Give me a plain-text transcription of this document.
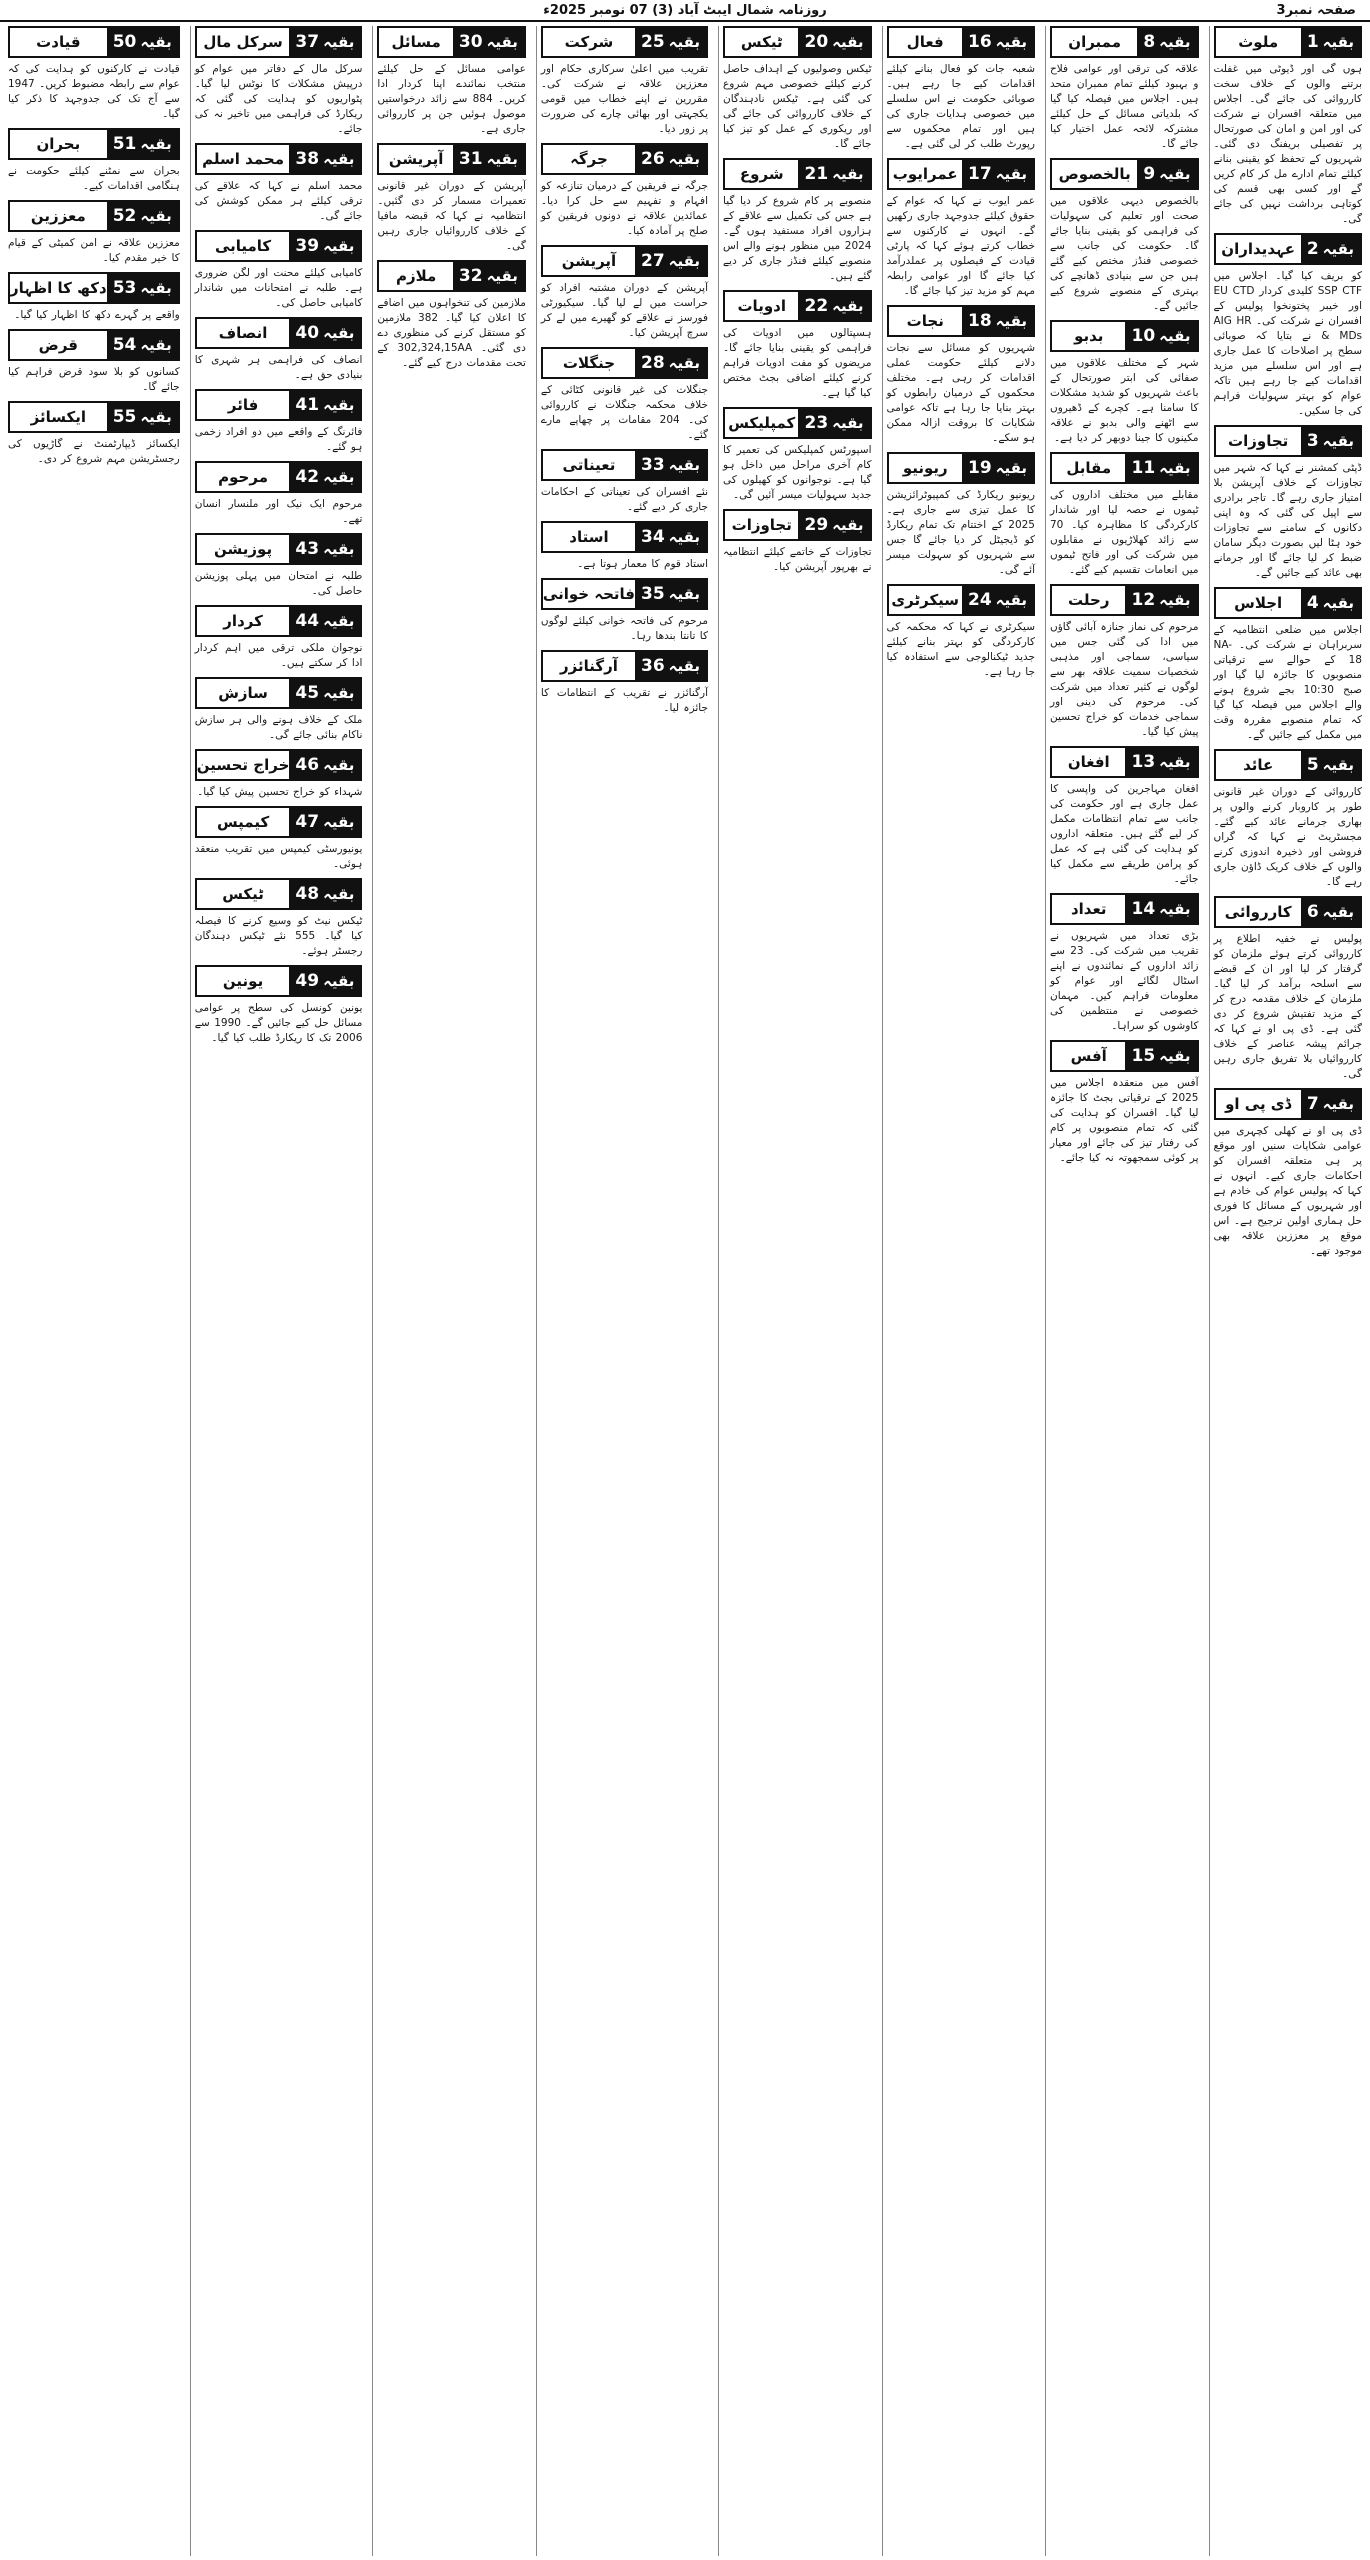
صفحہ نمبر3
روزنامہ شمال ایبٹ آباد (3) 07 نومبر 2025ء
بقیہ
1
ملوث
ہوں گی اور ڈیوٹی میں غفلت برتنے والوں کے خلاف سخت کارروائی کی جائے گی۔ اجلاس میں متعلقہ افسران نے شرکت کی اور امن و امان کی صورتحال پر تفصیلی بریفنگ دی گئی۔ شہریوں کے تحفظ کو یقینی بنانے کیلئے تمام ادارے مل کر کام کریں گے اور کسی بھی قسم کی کوتاہی برداشت نہیں کی جائے گی۔
بقیہ
2
عہدیداران
کو بریف کیا گیا۔ اجلاس میں SSP CTF کلیدی کردار EU CTD اور خیبر پختونخوا پولیس کے افسران نے شرکت کی۔ AIG HR & MDs نے بتایا کہ صوبائی سطح پر اصلاحات کا عمل جاری ہے اور اس سلسلے میں مزید اقدامات کیے جا رہے ہیں تاکہ عوام کو بہتر سہولیات فراہم کی جا سکیں۔
بقیہ
3
تجاوزات
ڈپٹی کمشنر نے کہا کہ شہر میں تجاوزات کے خلاف آپریشن بلا امتیاز جاری رہے گا۔ تاجر برادری سے اپیل کی گئی کہ وہ اپنی دکانوں کے سامنے سے تجاوزات خود ہٹا لیں بصورت دیگر سامان ضبط کر لیا جائے گا اور جرمانے بھی عائد کیے جائیں گے۔
بقیہ
4
اجلاس
اجلاس میں ضلعی انتظامیہ کے سربراہان نے شرکت کی۔ NA-18 کے حوالے سے ترقیاتی منصوبوں کا جائزہ لیا گیا اور صبح 10:30 بجے شروع ہونے والے اجلاس میں فیصلہ کیا گیا کہ تمام منصوبے مقررہ وقت میں مکمل کیے جائیں گے۔
بقیہ
5
عائد
کارروائی کے دوران غیر قانونی طور پر کاروبار کرنے والوں پر بھاری جرمانے عائد کیے گئے۔ مجسٹریٹ نے کہا کہ گراں فروشی اور ذخیرہ اندوزی کرنے والوں کے خلاف کریک ڈاؤن جاری رہے گا۔
بقیہ
6
کارروائی
پولیس نے خفیہ اطلاع پر کارروائی کرتے ہوئے ملزمان کو گرفتار کر لیا اور ان کے قبضے سے اسلحہ برآمد کر لیا گیا۔ ملزمان کے خلاف مقدمہ درج کر کے مزید تفتیش شروع کر دی گئی ہے۔ ڈی پی او نے کہا کہ جرائم پیشہ عناصر کے خلاف کارروائیاں بلا تفریق جاری رہیں گی۔
بقیہ
7
ڈی پی او
ڈی پی او نے کھلی کچہری میں عوامی شکایات سنیں اور موقع پر ہی متعلقہ افسران کو احکامات جاری کیے۔ انہوں نے کہا کہ پولیس عوام کی خادم ہے اور شہریوں کے مسائل کا فوری حل ہماری اولین ترجیح ہے۔ اس موقع پر معززین علاقہ بھی موجود تھے۔
بقیہ
8
ممبران
علاقہ کی ترقی اور عوامی فلاح و بہبود کیلئے تمام ممبران متحد ہیں۔ اجلاس میں فیصلہ کیا گیا کہ بلدیاتی مسائل کے حل کیلئے مشترکہ لائحہ عمل اختیار کیا جائے گا۔
بقیہ
9
بالخصوص
بالخصوص دیہی علاقوں میں صحت اور تعلیم کی سہولیات کی فراہمی کو یقینی بنایا جائے گا۔ حکومت کی جانب سے خصوصی فنڈز مختص کیے گئے ہیں جن سے بنیادی ڈھانچے کی بہتری کے منصوبے شروع کیے جائیں گے۔
بقیہ
10
بدبو
شہر کے مختلف علاقوں میں صفائی کی ابتر صورتحال کے باعث شہریوں کو شدید مشکلات کا سامنا ہے۔ کچرے کے ڈھیروں سے اٹھنے والی بدبو نے علاقہ مکینوں کا جینا دوبھر کر دیا ہے۔
بقیہ
11
مقابل
مقابلے میں مختلف اداروں کی ٹیموں نے حصہ لیا اور شاندار کارکردگی کا مظاہرہ کیا۔ 70 سے زائد کھلاڑیوں نے مقابلوں میں شرکت کی اور فاتح ٹیموں میں انعامات تقسیم کیے گئے۔
بقیہ
12
رحلت
مرحوم کی نماز جنازہ آبائی گاؤں میں ادا کی گئی جس میں سیاسی، سماجی اور مذہبی شخصیات سمیت علاقہ بھر سے لوگوں نے کثیر تعداد میں شرکت کی۔ مرحوم کی دینی اور سماجی خدمات کو خراج تحسین پیش کیا گیا۔
بقیہ
13
افغان
افغان مہاجرین کی واپسی کا عمل جاری ہے اور حکومت کی جانب سے تمام انتظامات مکمل کر لیے گئے ہیں۔ متعلقہ اداروں کو ہدایت کی گئی ہے کہ عمل کو پرامن طریقے سے مکمل کیا جائے۔
بقیہ
14
تعداد
بڑی تعداد میں شہریوں نے تقریب میں شرکت کی۔ 23 سے زائد اداروں کے نمائندوں نے اپنے اسٹال لگائے اور عوام کو معلومات فراہم کیں۔ مہمان خصوصی نے منتظمین کی کاوشوں کو سراہا۔
بقیہ
15
آفس
آفس میں منعقدہ اجلاس میں 2025 کے ترقیاتی بجٹ کا جائزہ لیا گیا۔ افسران کو ہدایت کی گئی کہ تمام منصوبوں پر کام کی رفتار تیز کی جائے اور معیار پر کوئی سمجھوتہ نہ کیا جائے۔
بقیہ
16
فعال
شعبہ جات کو فعال بنانے کیلئے اقدامات کیے جا رہے ہیں۔ صوبائی حکومت نے اس سلسلے میں خصوصی ہدایات جاری کی ہیں اور تمام محکموں سے رپورٹ طلب کر لی گئی ہے۔
بقیہ
17
عمرایوب
عمر ایوب نے کہا کہ عوام کے حقوق کیلئے جدوجہد جاری رکھیں گے۔ انہوں نے کارکنوں سے خطاب کرتے ہوئے کہا کہ پارٹی قیادت کے فیصلوں پر عملدرآمد کیا جائے گا اور عوامی رابطہ مہم کو مزید تیز کیا جائے گا۔
بقیہ
18
نجات
شہریوں کو مسائل سے نجات دلانے کیلئے حکومت عملی اقدامات کر رہی ہے۔ مختلف محکموں کے درمیان رابطوں کو بہتر بنایا جا رہا ہے تاکہ عوامی شکایات کا بروقت ازالہ ممکن ہو سکے۔
بقیہ
19
ریونیو
ریونیو ریکارڈ کی کمپیوٹرائزیشن کا عمل تیزی سے جاری ہے۔ 2025 کے اختتام تک تمام ریکارڈ کو ڈیجیٹل کر دیا جائے گا جس سے شہریوں کو سہولت میسر آئے گی۔
بقیہ
24
سیکرٹری
سیکرٹری نے کہا کہ محکمہ کی کارکردگی کو بہتر بنانے کیلئے جدید ٹیکنالوجی سے استفادہ کیا جا رہا ہے۔
بقیہ
20
ٹیکس
ٹیکس وصولیوں کے اہداف حاصل کرنے کیلئے خصوصی مہم شروع کی گئی ہے۔ ٹیکس نادہندگان کے خلاف کارروائی کی جائے گی اور ریکوری کے عمل کو تیز کیا جائے گا۔
بقیہ
21
شروع
منصوبے پر کام شروع کر دیا گیا ہے جس کی تکمیل سے علاقے کے ہزاروں افراد مستفید ہوں گے۔ 2024 میں منظور ہونے والے اس منصوبے کیلئے فنڈز جاری کر دیے گئے ہیں۔
بقیہ
22
ادویات
ہسپتالوں میں ادویات کی فراہمی کو یقینی بنایا جائے گا۔ مریضوں کو مفت ادویات فراہم کرنے کیلئے اضافی بجٹ مختص کیا گیا ہے۔
بقیہ
23
کمپلیکس
اسپورٹس کمپلیکس کی تعمیر کا کام آخری مراحل میں داخل ہو گیا ہے۔ نوجوانوں کو کھیلوں کی جدید سہولیات میسر آئیں گی۔
بقیہ
29
تجاوزات
تجاوزات کے خاتمے کیلئے انتظامیہ نے بھرپور آپریشن کیا۔
بقیہ
25
شرکت
تقریب میں اعلیٰ سرکاری حکام اور معززین علاقہ نے شرکت کی۔ مقررین نے اپنے خطاب میں قومی یکجہتی اور بھائی چارے کی ضرورت پر زور دیا۔
بقیہ
26
جرگہ
جرگہ نے فریقین کے درمیان تنازعہ کو افہام و تفہیم سے حل کرا دیا۔ عمائدین علاقہ نے دونوں فریقین کو صلح پر آمادہ کیا۔
بقیہ
27
آپریشن
آپریشن کے دوران مشتبہ افراد کو حراست میں لے لیا گیا۔ سیکیورٹی فورسز نے علاقے کو گھیرے میں لے کر سرچ آپریشن کیا۔
بقیہ
28
جنگلات
جنگلات کی غیر قانونی کٹائی کے خلاف محکمہ جنگلات نے کارروائی کی۔ 204 مقامات پر چھاپے مارے گئے۔
بقیہ
33
تعیناتی
نئے افسران کی تعیناتی کے احکامات جاری کر دیے گئے۔
بقیہ
34
استاد
استاد قوم کا معمار ہوتا ہے۔
بقیہ
35
فاتحہ خوانی
مرحوم کی فاتحہ خوانی کیلئے لوگوں کا تانتا بندھا رہا۔
بقیہ
36
آرگنائزر
آرگنائزر نے تقریب کے انتظامات کا جائزہ لیا۔
بقیہ
30
مسائل
عوامی مسائل کے حل کیلئے منتخب نمائندے اپنا کردار ادا کریں۔ 884 سے زائد درخواستیں موصول ہوئیں جن پر کارروائی جاری ہے۔
بقیہ
31
آپریشن
آپریشن کے دوران غیر قانونی تعمیرات مسمار کر دی گئیں۔ انتظامیہ نے کہا کہ قبضہ مافیا کے خلاف کارروائیاں جاری رہیں گی۔
بقیہ
32
ملازم
ملازمین کی تنخواہوں میں اضافے کا اعلان کیا گیا۔ 382 ملازمین کو مستقل کرنے کی منظوری دے دی گئی۔ 302,324,15AA کے تحت مقدمات درج کیے گئے۔
بقیہ
37
سرکل مال
سرکل مال کے دفاتر میں عوام کو درپیش مشکلات کا نوٹس لیا گیا۔ پٹواریوں کو ہدایت کی گئی کہ ریکارڈ کی فراہمی میں تاخیر نہ کی جائے۔
بقیہ
38
محمد اسلم
محمد اسلم نے کہا کہ علاقے کی ترقی کیلئے ہر ممکن کوشش کی جائے گی۔
بقیہ
39
کامیابی
کامیابی کیلئے محنت اور لگن ضروری ہے۔ طلبہ نے امتحانات میں شاندار کامیابی حاصل کی۔
بقیہ
40
انصاف
انصاف کی فراہمی ہر شہری کا بنیادی حق ہے۔
بقیہ
41
فائر
فائرنگ کے واقعے میں دو افراد زخمی ہو گئے۔
بقیہ
42
مرحوم
مرحوم ایک نیک اور ملنسار انسان تھے۔
بقیہ
43
پوزیشن
طلبہ نے امتحان میں پہلی پوزیشن حاصل کی۔
بقیہ
44
کردار
نوجوان ملکی ترقی میں اہم کردار ادا کر سکتے ہیں۔
بقیہ
45
سازش
ملک کے خلاف ہونے والی ہر سازش ناکام بنائی جائے گی۔
بقیہ
46
خراج تحسین
شہداء کو خراج تحسین پیش کیا گیا۔
بقیہ
47
کیمپس
یونیورسٹی کیمپس میں تقریب منعقد ہوئی۔
بقیہ
48
ٹیکس
ٹیکس نیٹ کو وسیع کرنے کا فیصلہ کیا گیا۔ 555 نئے ٹیکس دہندگان رجسٹر ہوئے۔
بقیہ
49
یونین
یونین کونسل کی سطح پر عوامی مسائل حل کیے جائیں گے۔ 1990 سے 2006 تک کا ریکارڈ طلب کیا گیا۔
بقیہ
50
قیادت
قیادت نے کارکنوں کو ہدایت کی کہ عوام سے رابطہ مضبوط کریں۔ 1947 سے آج تک کی جدوجہد کا ذکر کیا گیا۔
بقیہ
51
بحران
بحران سے نمٹنے کیلئے حکومت نے ہنگامی اقدامات کیے۔
بقیہ
52
معززین
معززین علاقہ نے امن کمیٹی کے قیام کا خیر مقدم کیا۔
بقیہ
53
دکھ کا اظہار
واقعے پر گہرے دکھ کا اظہار کیا گیا۔
بقیہ
54
قرض
کسانوں کو بلا سود قرض فراہم کیا جائے گا۔
بقیہ
55
ایکسائز
ایکسائز ڈیپارٹمنٹ نے گاڑیوں کی رجسٹریشن مہم شروع کر دی۔
